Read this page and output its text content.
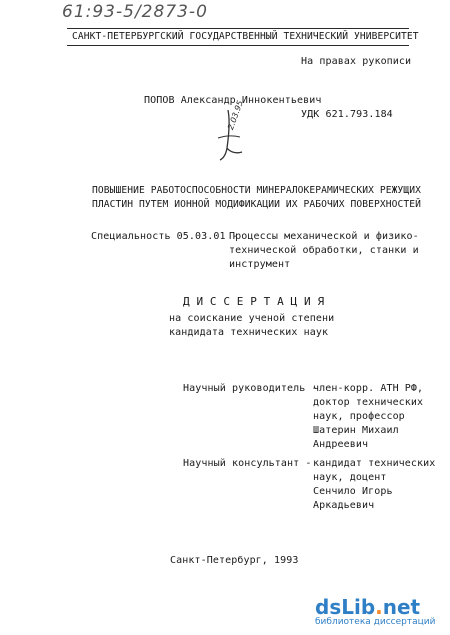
61:93-5/2873-0
САНКТ-ПЕТЕРБУРГСКИЙ ГОСУДАРСТВЕННЫЙ ТЕХНИЧЕСКИЙ УНИВЕРСИТЕТ
На правах рукописи
ПОПОВ Александр Иннокентьевич
УДК 621.793.184
2.03.95
ПОВЫШЕНИЕ РАБОТОСПОСОБНОСТИ МИНЕРАЛОКЕРАМИЧЕСКИХ РЕЖУЩИХ
ПЛАСТИН ПУТЕМ ИОННОЙ МОДИФИКАЦИИ ИХ РАБОЧИХ ПОВЕРХНОСТЕЙ
Специальность 05.03.01 -
Процессы механической и физико-
технической обработки, станки и
инструмент
Д И С С Е Р Т А Ц И Я
на соискание ученой степени
кандидата технических наук
Научный руководитель -
член-корр. АТН РФ,
доктор технических
наук, профессор
Шатерин Михаил
Андреевич
Научный консультант - кандидат технических
наук, доцент
Сенчило Игорь
Аркадьевич
Санкт-Петербург, 1993
dsLib.net
библиотека диссертаций
